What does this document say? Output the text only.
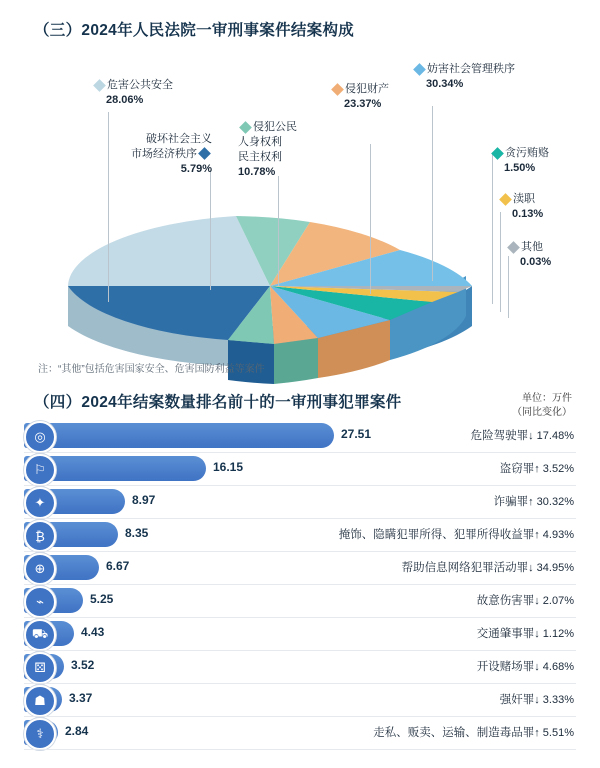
（三）2024年人民法院一审刑事案件结案构成
危害公共安全
28.06%
破坏社会主义
市场经济秩序

5.79%
侵犯公民
人身权利
民主权利
10.78%
侵犯财产
23.37%
妨害社会管理秩序
30.34%
贪污贿赂
1.50%
渎职
0.13%
其他
0.03%
注：“其他”包括危害国家安全、危害国防利益等案件
（四）2024年结案数量排名前十的一审刑事犯罪案件	单位：万件
（同比变化）
◎	27.51	危险驾驶罪↓ 17.48%
⚐	16.15	盗窃罪↑ 3.52%
✦	8.97	诈骗罪↑ 30.32%
₿	8.35	掩饰、隐瞒犯罪所得、犯罪所得收益罪↑ 4.93%
⊕	6.67	帮助信息网络犯罪活动罪↓ 34.95%
⌁	5.25	故意伤害罪↓ 2.07%
⛟	4.43	交通肇事罪↓ 1.12%
⚄	3.52	开设赌场罪↓ 4.68%
☗	3.37	强奸罪↓ 3.33%
⚕	2.84	走私、贩卖、运输、制造毒品罪↑ 5.51%
